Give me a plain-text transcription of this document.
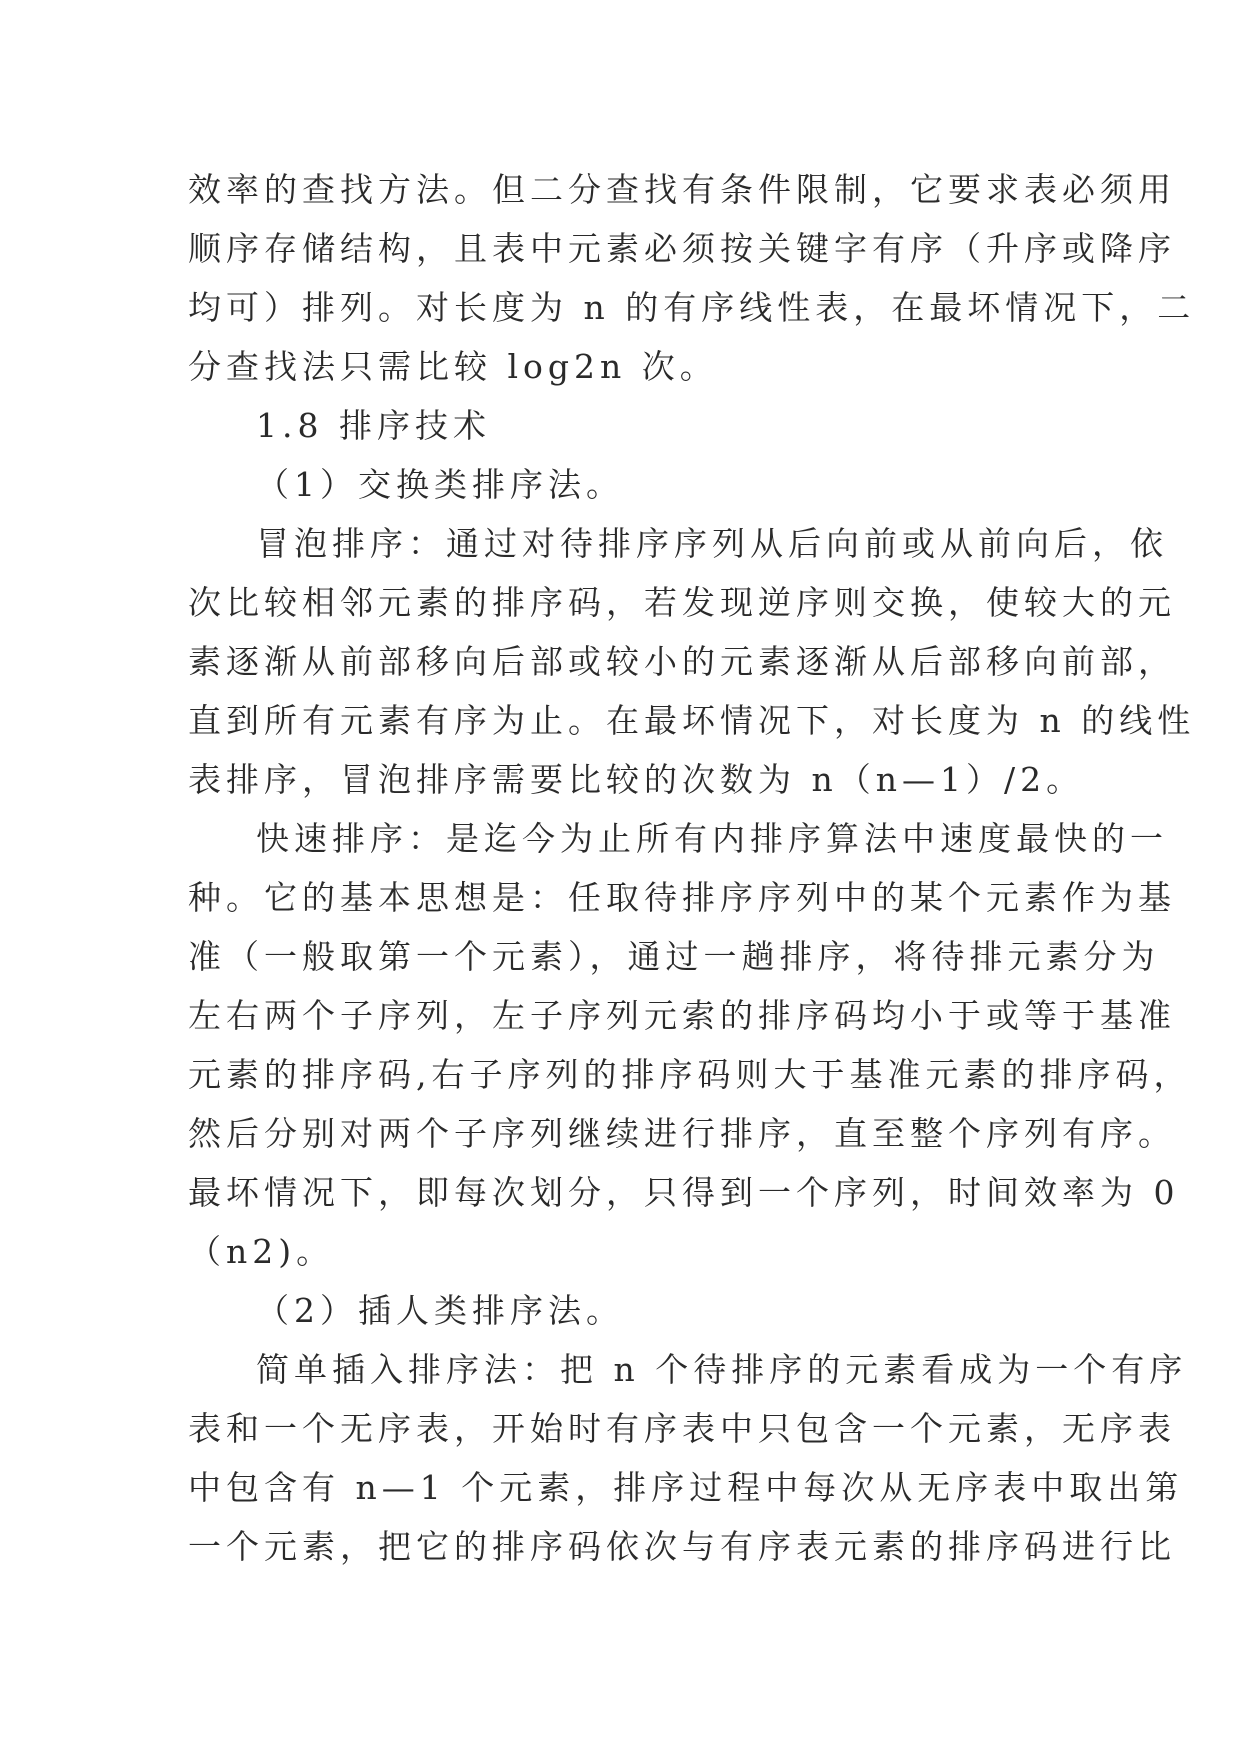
效率的查找方法。但二分查找有条件限制，它要求表必须用
顺序存储结构，且表中元素必须按关键字有序（升序或降序
均可）排列。对长度为 n 的有序线性表，在最坏情况下，二
分查找法只需比较 log2n 次。
1.8 排序技术
（1）交换类排序法。
冒泡排序：通过对待排序序列从后向前或从前向后，依
次比较相邻元素的排序码，若发现逆序则交换，使较大的元
素逐渐从前部移向后部或较小的元素逐渐从后部移向前部，
直到所有元素有序为止。在最坏情况下，对长度为 n 的线性
表排序，冒泡排序需要比较的次数为 n（n—1）/2。
快速排序：是迄今为止所有内排序算法中速度最快的一
种。它的基本思想是：任取待排序序列中的某个元素作为基
准（一般取第一个元素），通过一趟排序，将待排元素分为
左右两个子序列，左子序列元索的排序码均小于或等于基准
元素的排序码,右子序列的排序码则大于基准元素的排序码，
然后分别对两个子序列继续进行排序，直至整个序列有序。
最坏情况下，即每次划分，只得到一个序列，时间效率为 0
（n2)。
（2）插人类排序法。
简单插入排序法：把 n 个待排序的元素看成为一个有序
表和一个无序表，开始时有序表中只包含一个元素，无序表
中包含有 n—1 个元素，排序过程中每次从无序表中取出第
一个元素，把它的排序码依次与有序表元素的排序码进行比
